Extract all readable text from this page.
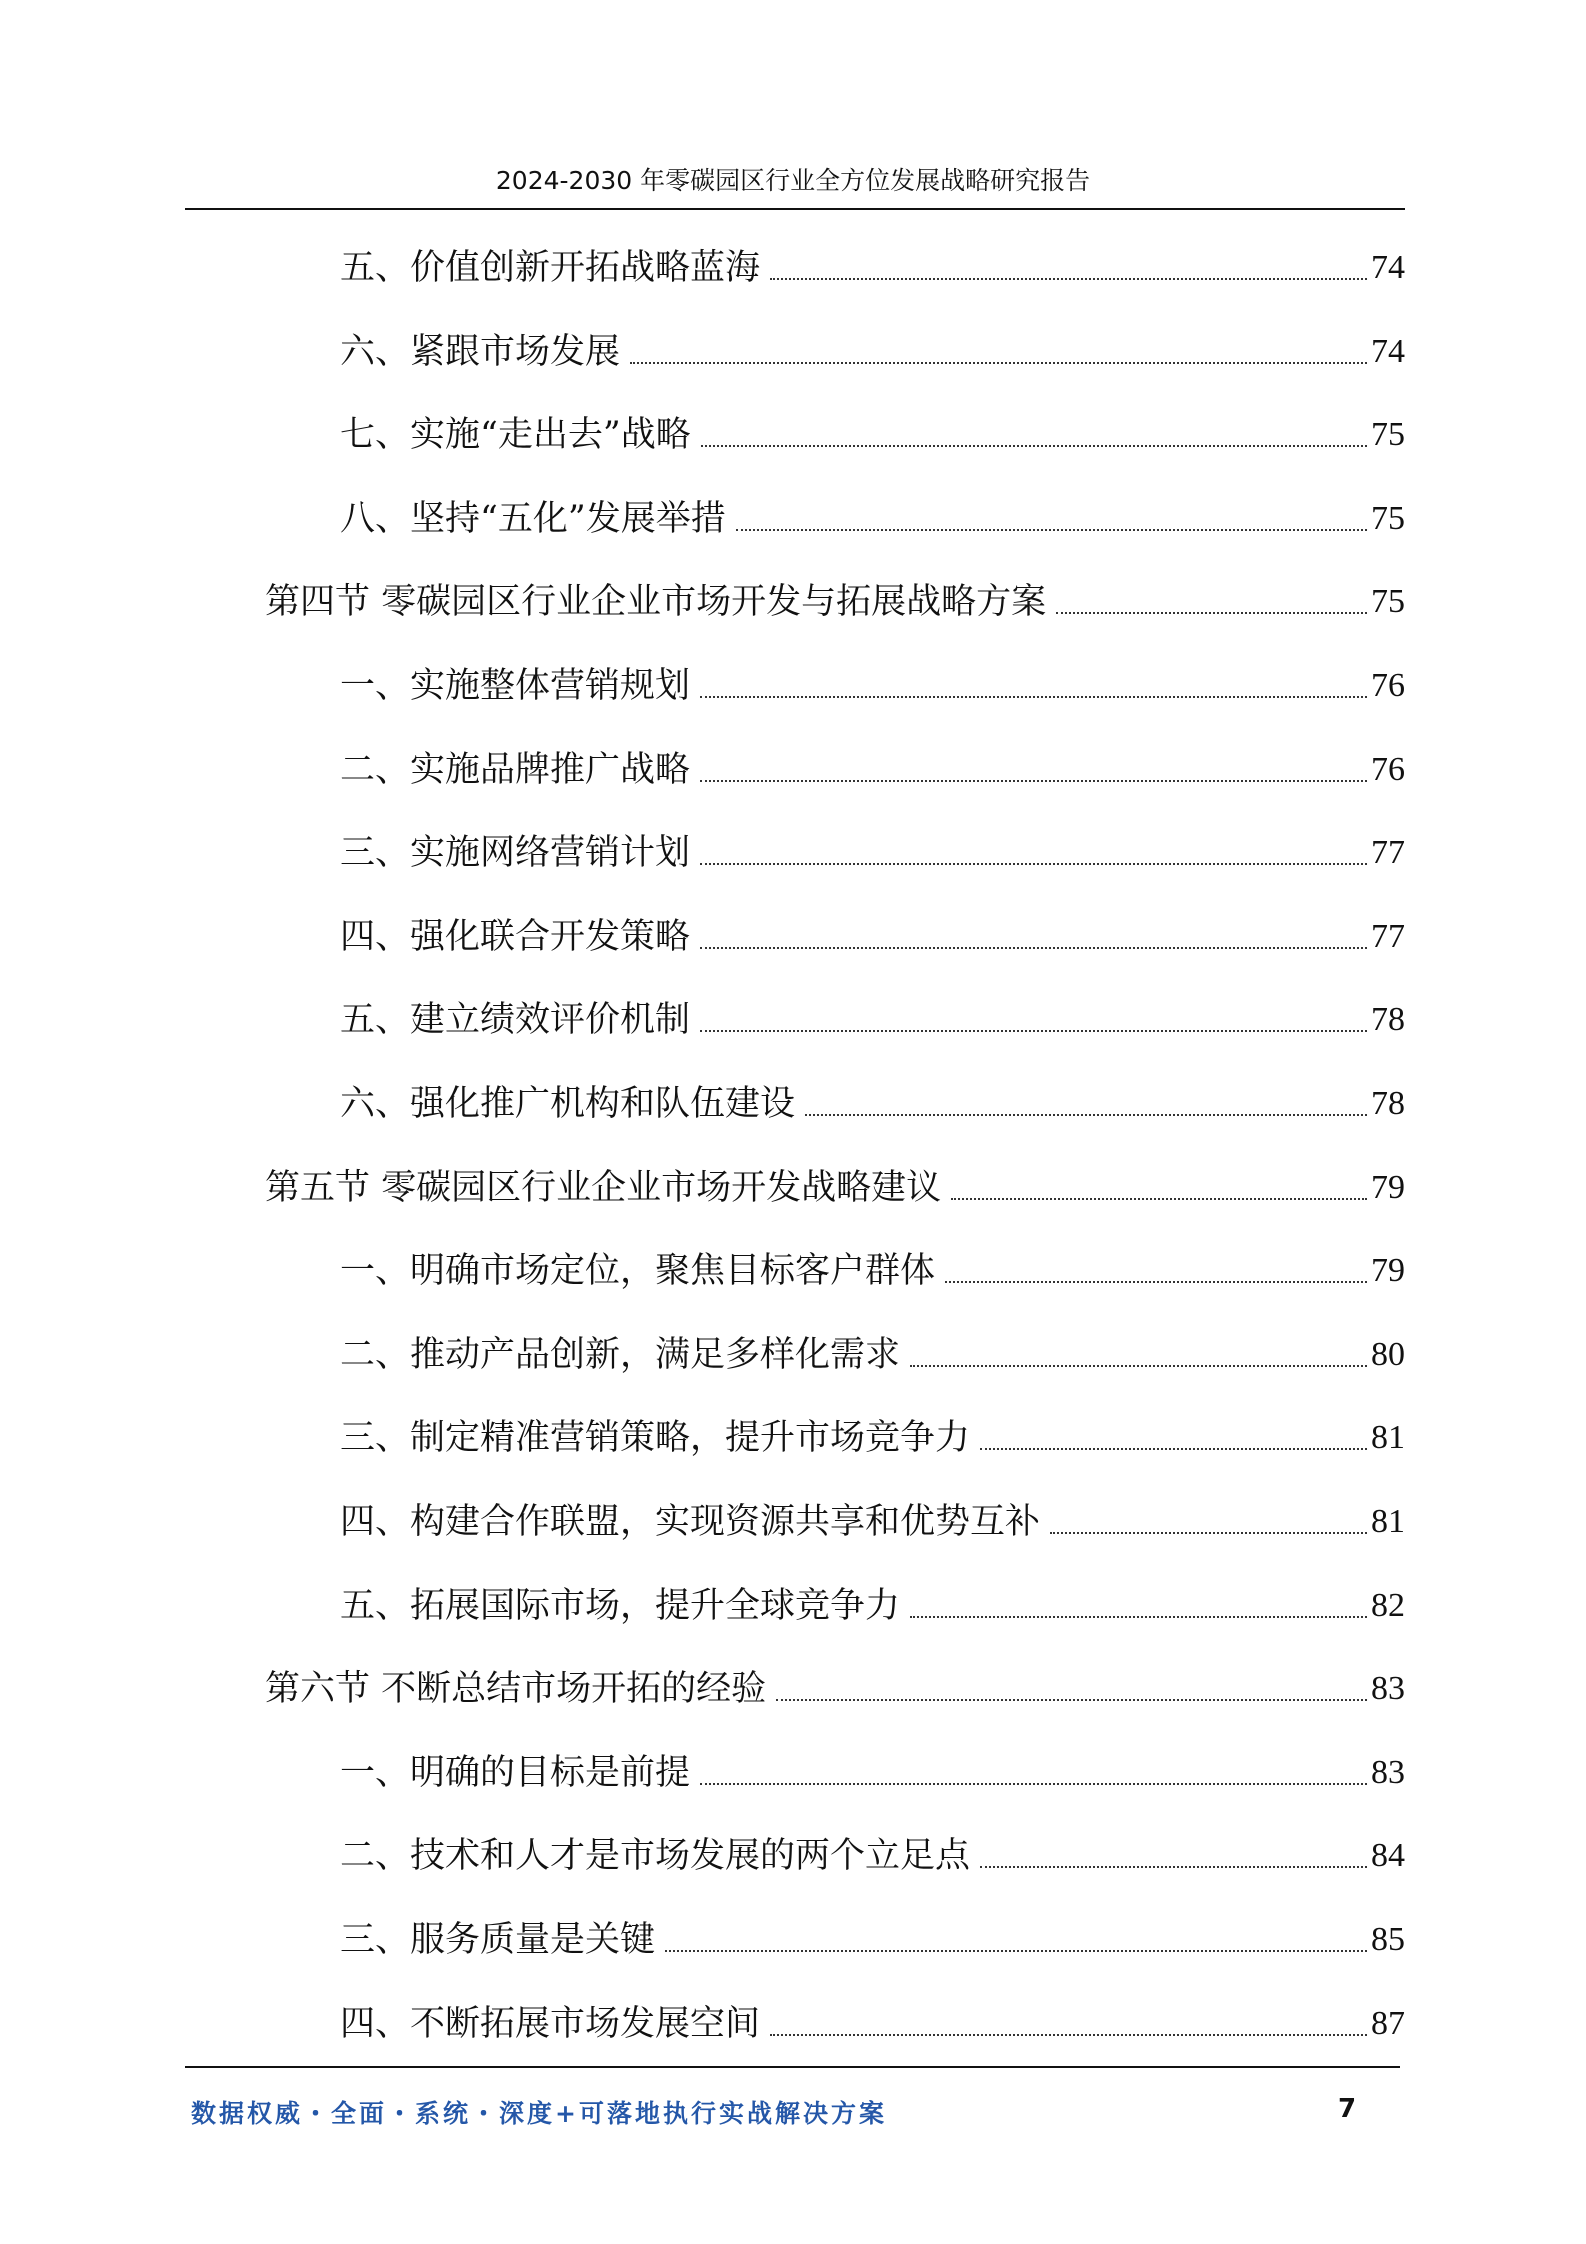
2024-2030 年零碳园区行业全方位发展战略研究报告
五、价值创新开拓战略蓝海	74
六、紧跟市场发展	74
七、实施“走出去”战略	75
八、坚持“五化”发展举措	75
第四节 零碳园区行业企业市场开发与拓展战略方案	75
一、实施整体营销规划	76
二、实施品牌推广战略	76
三、实施网络营销计划	77
四、强化联合开发策略	77
五、建立绩效评价机制	78
六、强化推广机构和队伍建设	78
第五节 零碳园区行业企业市场开发战略建议	79
一、明确市场定位，聚焦目标客户群体	79
二、推动产品创新，满足多样化需求	80
三、制定精准营销策略，提升市场竞争力	81
四、构建合作联盟，实现资源共享和优势互补	81
五、拓展国际市场，提升全球竞争力	82
第六节 不断总结市场开拓的经验	83
一、明确的目标是前提	83
二、技术和人才是市场发展的两个立足点	84
三、服务质量是关键	85
四、不断拓展市场发展空间	87
数据权威・全面・系统・深度+可落地执行实战解决方案	7
